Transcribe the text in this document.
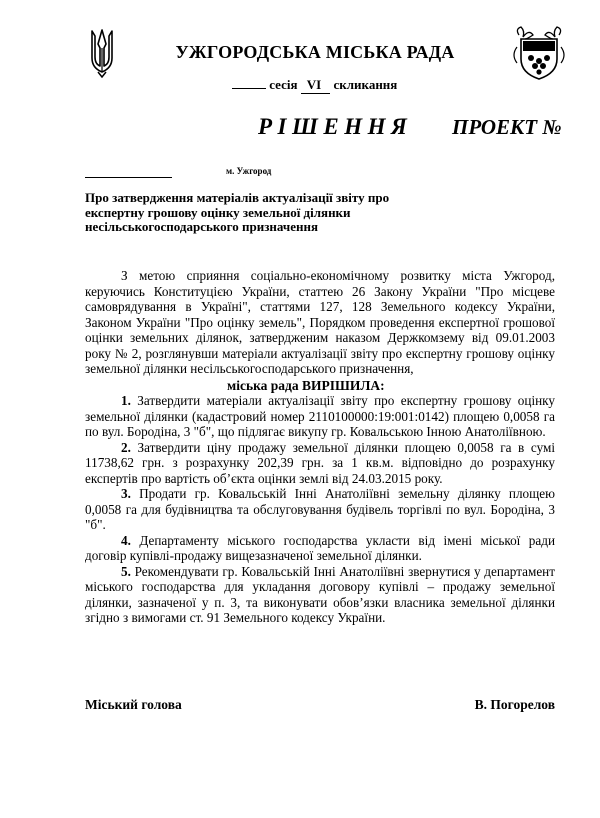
УЖГОРОДСЬКА МІСЬКА РАДА
сесія VI скликання
РІШЕННЯ ПРОЕКТ №
м. Ужгород
Про затвердження матеріалів актуалізації звіту про експертну грошову оцінку земельної ділянки несільськогосподарського призначення

З метою сприяння соціально-економічному розвитку міста Ужгород, керуючись Конституцією України, статтею 26 Закону України "Про місцеве самоврядування в Україні", статтями 127, 128 Земельного кодексу України, Законом України "Про оцінку земель", Порядком проведення експертної грошової оцінки земельних ділянок, затвердженим наказом Держкомзему від 09.01.2003 року № 2, розглянувши матеріали актуалізації звіту про експертну грошову оцінку земельної ділянки несільськогосподарського призначення,

міська рада ВИРІШИЛА:

1. Затвердити матеріали актуалізації звіту про експертну грошову оцінку земельної ділянки (кадастровий номер 2110100000:19:001:0142) площею 0,0058 га по вул. Бородіна, 3 "б", що підлягає викупу гр. Ковальською Інною Анатоліївною.

2. Затвердити ціну продажу земельної ділянки площею 0,0058 га в сумі 11738,62 грн. з розрахунку 202,39 грн. за 1 кв.м. відповідно до розрахунку експертів про вартість об’єкта оцінки землі від 24.03.2015 року.

3. Продати гр. Ковальській Інні Анатоліївні земельну ділянку площею 0,0058 га для будівництва та обслуговування будівель торгівлі по вул. Бородіна, 3 "б".

4. Департаменту міського господарства укласти від імені міської ради договір купівлі-продажу вищезазначеної земельної ділянки.

5. Рекомендувати гр. Ковальській Інні Анатоліївні звернутися у департамент міського господарства для укладання договору купівлі – продажу земельної ділянки, зазначеної у п. 3, та виконувати обов’язки власника земельної ділянки згідно з вимогами ст. 91 Земельного кодексу України.

Міський голова	В. Погорелов
